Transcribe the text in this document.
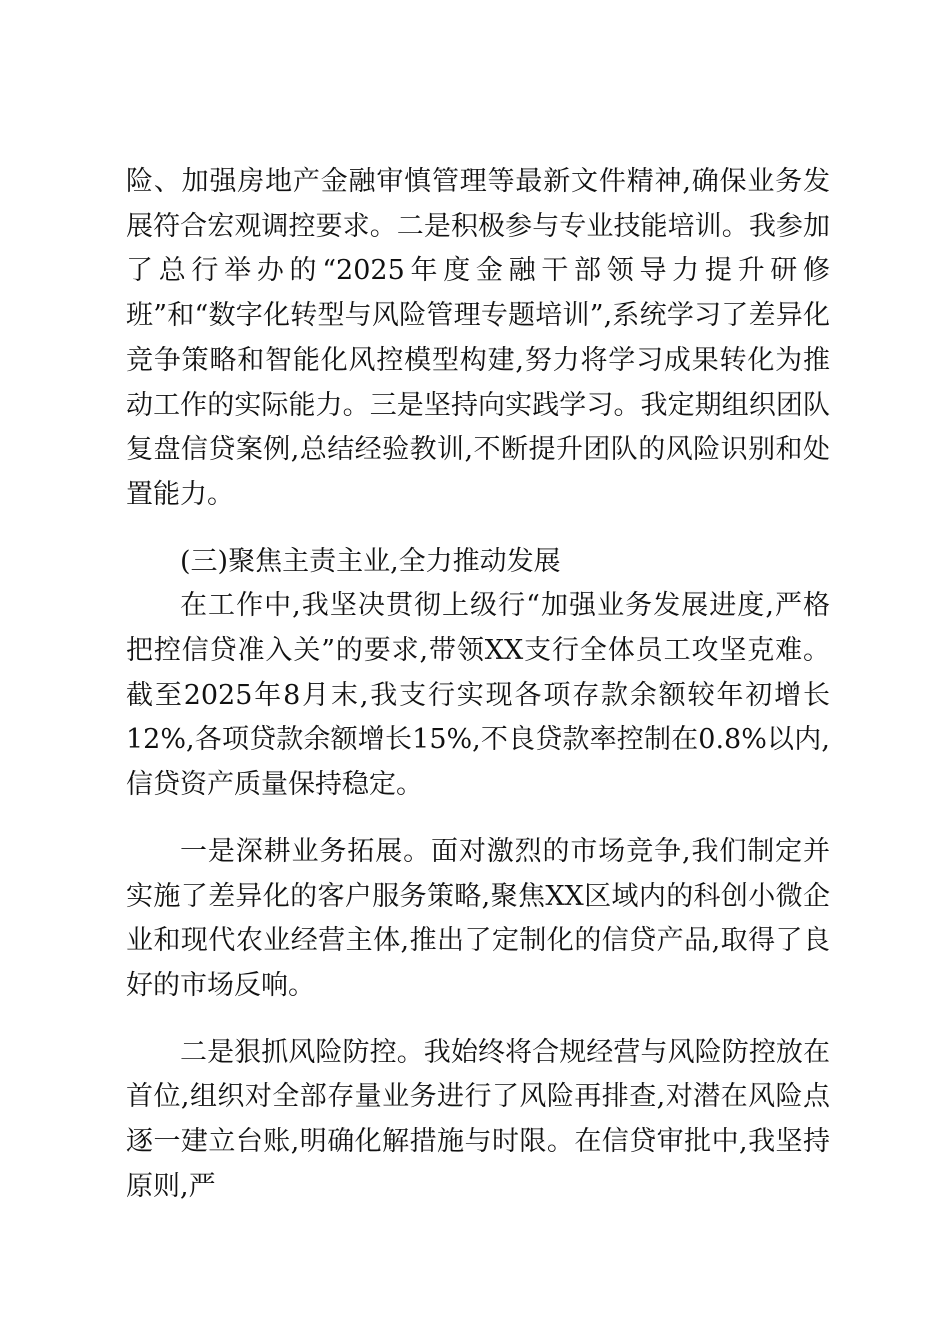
险、加强房地产金融审慎管理等最新文件精神,确保业务发展符合宏观调控要求。二是积极参与专业技能培训。我参加了总行举办的“2025年度金融干部领导力提升研修班”和“数字化转型与风险管理专题培训”,系统学习了差异化竞争策略和智能化风控模型构建,努力将学习成果转化为推动工作的实际能力。三是坚持向实践学习。我定期组织团队复盘信贷案例,总结经验教训,不断提升团队的风险识别和处置能力。

(三)聚焦主责主业,全力推动发展

在工作中,我坚决贯彻上级行“加强业务发展进度,严格把控信贷准入关”的要求,带领XX支行全体员工攻坚克难。截至2025年8月末,我支行实现各项存款余额较年初增长12%,各项贷款余额增长15%,不良贷款率控制在0.8%以内,信贷资产质量保持稳定。

一是深耕业务拓展。面对激烈的市场竞争,我们制定并实施了差异化的客户服务策略,聚焦XX区域内的科创小微企业和现代农业经营主体,推出了定制化的信贷产品,取得了良好的市场反响。

二是狠抓风险防控。我始终将合规经营与风险防控放在首位,组织对全部存量业务进行了风险再排查,对潜在风险点逐一建立台账,明确化解措施与时限。在信贷审批中,我坚持原则,严
